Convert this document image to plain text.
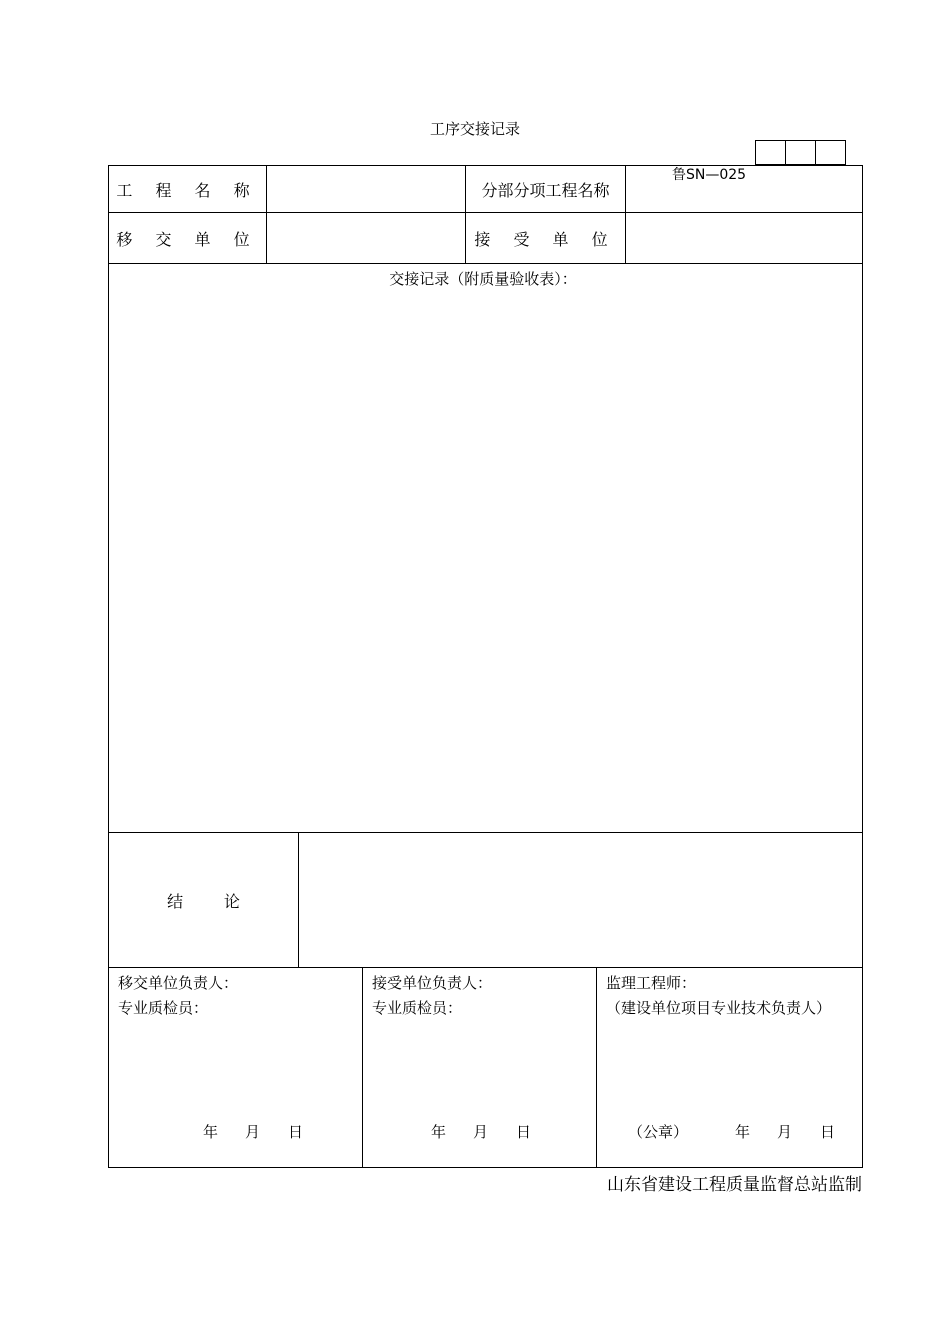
工序交接记录
鲁SN—025
工 程 名 称	分部分项工程名称
移 交 单 位	接 受 单 位
交接记录（附质量验收表）：
结        论
移交单位负责人：
专业质检员：
年 月 日
接受单位负责人：
专业质检员：
年 月 日
监理工程师：
（建设单位项目专业技术负责人）
（公章）	年 月 日
山东省建设工程质量监督总站监制
